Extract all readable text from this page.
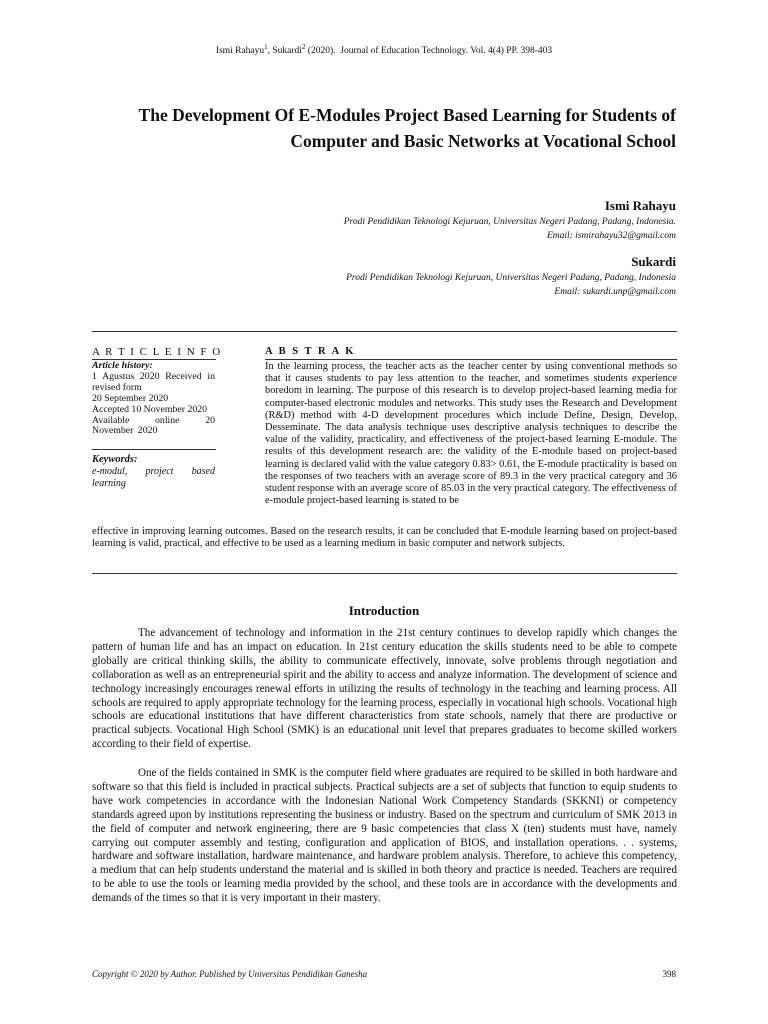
Ismi Rahayu$^1$, Sukardi$^2$ (2020).  Journal of Education Technology. Vol. 4(4) PP. 398-403
The Development Of E-Modules Project Based Learning for Students of Computer and Basic Networks at Vocational School
Ismi Rahayu
Prodi Pendidikan Teknologi Kejuruan, Universitas Negeri Padang, Padang, Indonesia.
Email: ismirahayu32@gmail.com
Sukardi
Prodi Pendidikan Teknologi Kejuruan, Universitas Negeri Padang, Padang, Indonesia
Email: sukardi.unp@gmail.com
A R T I C L E I N F O
Article history:
1 Agustus 2020 Received in revised form
20 September 2020
Accepted 10 November 2020
Available online 20 November 2020
Keywords:
e-modul, project based learning
A B S T R A K
In the learning process, the teacher acts as the teacher center by using conventional methods so that it causes students to pay less attention to the teacher, and sometimes students experience boredom in learning. The purpose of this research is to develop project-based learning media for computer-based electronic modules and networks. This study uses the Research and Development (R&D) method with 4-D development procedures which include Define, Design, Develop, Desseminate. The data analysis technique uses descriptive analysis techniques to describe the value of the validity, practicality, and effectiveness of the project-based learning E-module. The results of this development research are: the validity of the E-module based on project-based learning is declared valid with the value category 0.83> 0.61, the E-module practicality is based on the responses of two teachers with an average score of 89.3 in the very practical category and 36 student response with an average score of 85.03 in the very practical category. The effectiveness of e-module project-based learning is stated to be
effective in improving learning outcomes. Based on the research results, it can be concluded that E-module learning based on project-based learning is valid, practical, and effective to be used as a learning medium in basic computer and network subjects.
Introduction
The advancement of technology and information in the 21st century continues to develop rapidly which changes the pattern of human life and has an impact on education. In 21st century education the skills students need to be able to compete globally are critical thinking skills, the ability to communicate effectively, innovate, solve problems through negotiation and collaboration as well as an entrepreneurial spirit and the ability to access and analyze information. The development of science and technology increasingly encourages renewal efforts in utilizing the results of technology in the teaching and learning process. All schools are required to apply appropriate technology for the learning process, especially in vocational high schools. Vocational high schools are educational institutions that have different characteristics from state schools, namely that there are productive or practical subjects. Vocational High School (SMK) is an educational unit level that prepares graduates to become skilled workers according to their field of expertise.
One of the fields contained in SMK is the computer field where graduates are required to be skilled in both hardware and software so that this field is included in practical subjects. Practical subjects are a set of subjects that function to equip students to have work competencies in accordance with the Indonesian National Work Competency Standards (SKKNI) or competency standards agreed upon by institutions representing the business or industry. Based on the spectrum and curriculum of SMK 2013 in the field of computer and network engineering, there are 9 basic competencies that class X (ten) students must have, namely carrying out computer assembly and testing, configuration and application of BIOS, and installation operations. . . systems, hardware and software installation, hardware maintenance, and hardware problem analysis. Therefore, to achieve this competency, a medium that can help students understand the material and is skilled in both theory and practice is needed. Teachers are required to be able to use the tools or learning media provided by the school, and these tools are in accordance with the developments and demands of the times so that it is very important in their mastery.
Copyright © 2020 by Author. Published by Universitas Pendidikan Ganesha	398
